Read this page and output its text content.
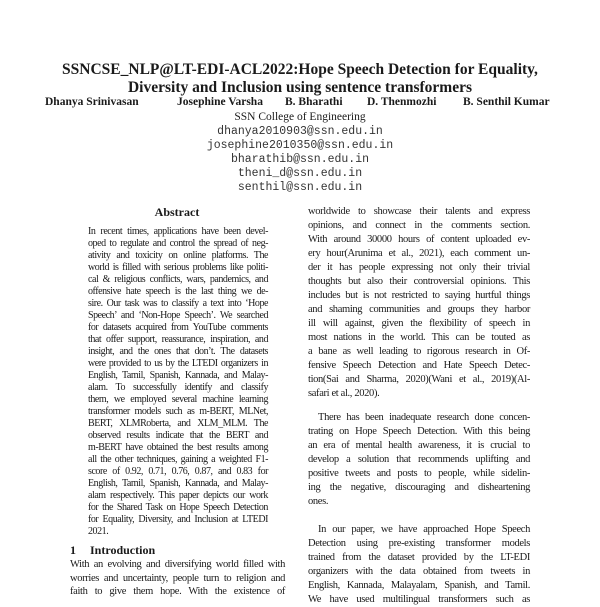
SSNCSE_NLP@LT-EDI-ACL2022:Hope Speech Detection for Equality,
Diversity and Inclusion using sentence transformers
Dhanya Srinivasan	Josephine Varsha B. Bharathi D. Thenmozhi B. Senthil Kumar
SSN College of Engineering
dhanya2010903@ssn.edu.in
josephine2010350@ssn.edu.in
bharathib@ssn.edu.in
theni_d@ssn.edu.in
senthil@ssn.edu.in
Abstract
In recent times, applications have been devel-
oped to regulate and control the spread of neg-
ativity and toxicity on online platforms. The
world is filled with serious problems like politi-
cal & religious conflicts, wars, pandemics, and
offensive hate speech is the last thing we de-
sire. Our task was to classify a text into ‘Hope
Speech’ and ‘Non-Hope Speech’. We searched
for datasets acquired from YouTube comments
that offer support, reassurance, inspiration, and
insight, and the ones that don’t. The datasets
were provided to us by the LTEDI organizers in
English, Tamil, Spanish, Kannada, and Malay-
alam. To successfully identify and classify
them, we employed several machine learning
transformer models such as m-BERT, MLNet,
BERT, XLMRoberta, and XLM_MLM. The
observed results indicate that the BERT and
m-BERT have obtained the best results among
all the other techniques, gaining a weighted F1-
score of 0.92, 0.71, 0.76, 0.87, and 0.83 for
English, Tamil, Spanish, Kannada, and Malay-
alam respectively. This paper depicts our work
for the Shared Task on Hope Speech Detection
for Equality, Diversity, and Inclusion at LTEDI
2021.
1 Introduction
With an evolving and diversifying world filled with
worries and uncertainty, people turn to religion and
faith to give them hope. With the existence of
worldwide to showcase their talents and express
opinions, and connect in the comments section.
With around 30000 hours of content uploaded ev-
ery hour(Arunima et al., 2021), each comment un-
der it has people expressing not only their trivial
thoughts but also their controversial opinions. This
includes but is not restricted to saying hurtful things
and shaming communities and groups they harbor
ill will against, given the flexibility of speech in
most nations in the world. This can be touted as
a bane as well leading to rigorous research in Of-
fensive Speech Detection and Hate Speech Detec-
tion(Sai and Sharma, 2020)(Wani et al., 2019)(Al-
safari et al., 2020).
There has been inadequate research done concen-
trating on Hope Speech Detection. With this being
an era of mental health awareness, it is crucial to
develop a solution that recommends uplifting and
positive tweets and posts to people, while sidelin-
ing the negative, discouraging and disheartening
ones.
In our paper, we have approached Hope Speech
Detection using pre-existing transformer models
trained from the dataset provided by the LT-EDI
organizers with the data obtained from tweets in
English, Kannada, Malayalam, Spanish, and Tamil.
We have used multilingual transformers such as
